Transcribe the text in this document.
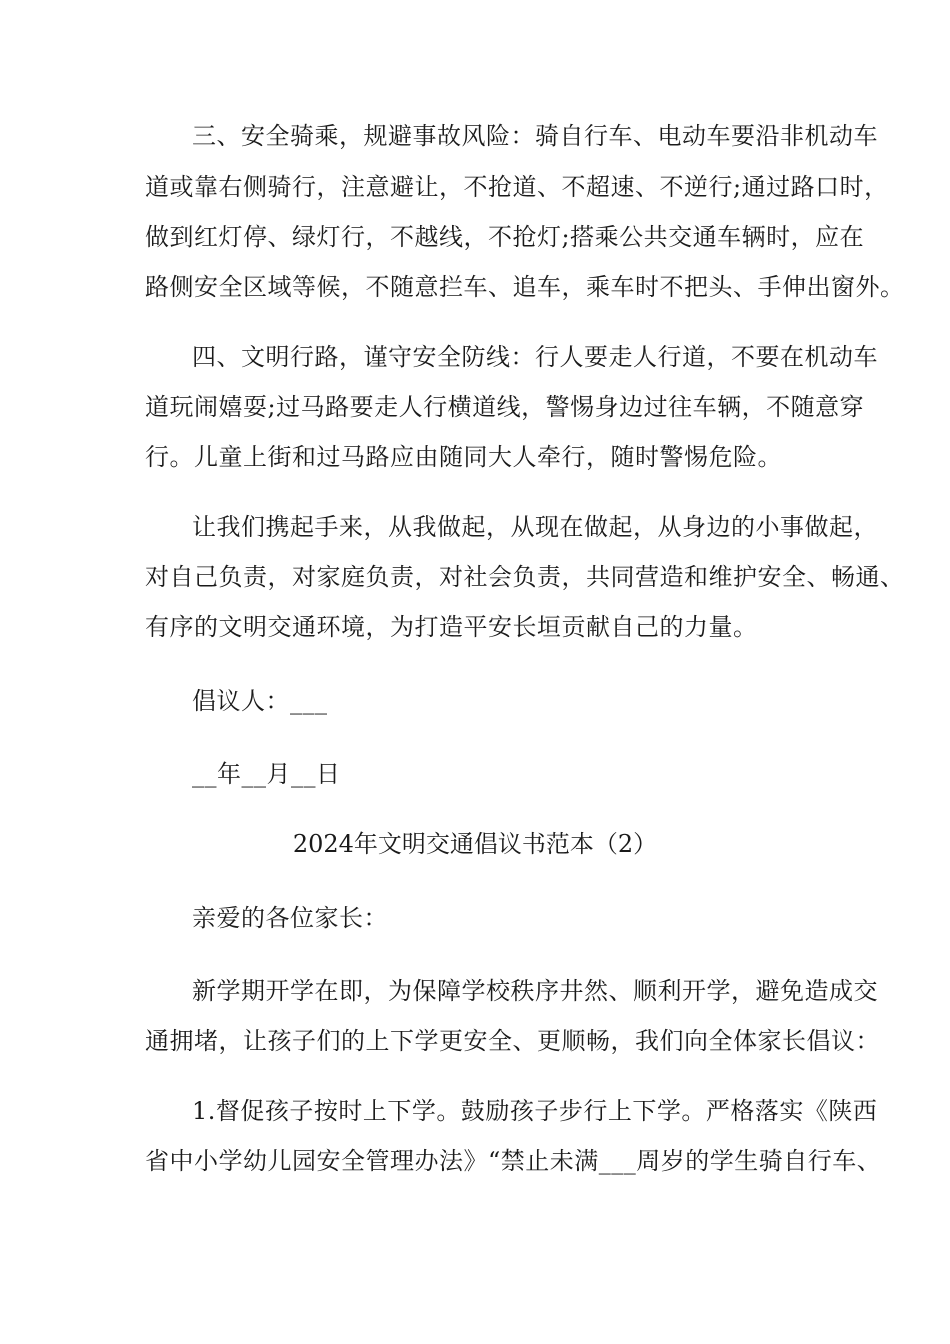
三、安全骑乘，规避事故风险：骑自行车、电动车要沿非机动车
道或靠右侧骑行，注意避让，不抢道、不超速、不逆行;通过路口时，
做到红灯停、绿灯行，不越线，不抢灯;搭乘公共交通车辆时，应在
路侧安全区域等候，不随意拦车、追车，乘车时不把头、手伸出窗外。
四、文明行路，谨守安全防线：行人要走人行道，不要在机动车
道玩闹嬉耍;过马路要走人行横道线，警惕身边过往车辆，不随意穿
行。儿童上街和过马路应由随同大人牵行，随时警惕危险。
让我们携起手来，从我做起，从现在做起，从身边的小事做起，
对自己负责，对家庭负责，对社会负责，共同营造和维护安全、畅通、
有序的文明交通环境，为打造平安长垣贡献自己的力量。
倡议人：___
__年__月__日
2024年文明交通倡议书范本（2）
亲爱的各位家长：
新学期开学在即，为保障学校秩序井然、顺利开学，避免造成交
通拥堵，让孩子们的上下学更安全、更顺畅，我们向全体家长倡议：
1.督促孩子按时上下学。鼓励孩子步行上下学。严格落实《陕西
省中小学幼儿园安全管理办法》“禁止未满___周岁的学生骑自行车、
